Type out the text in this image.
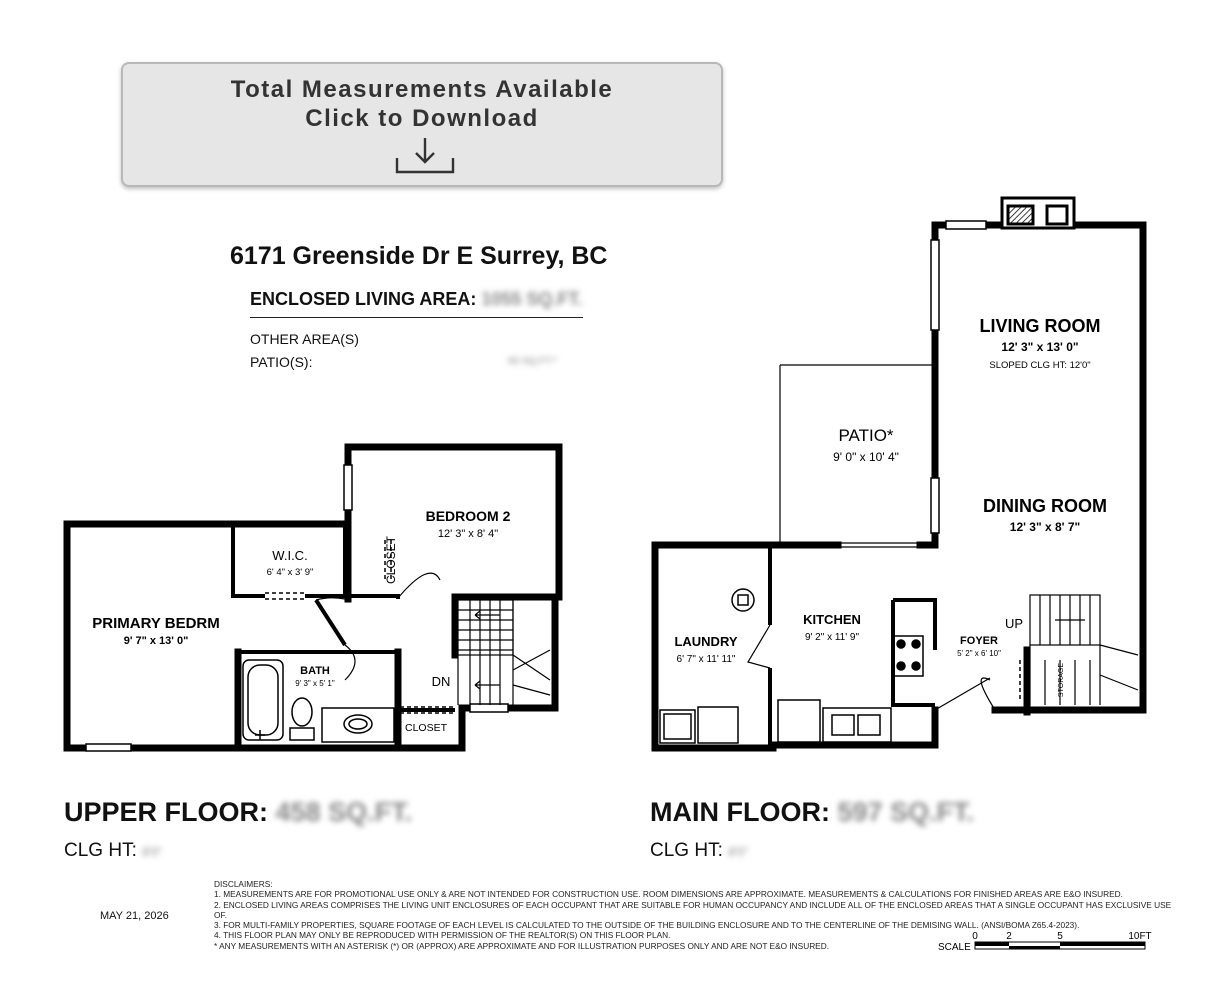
Total Measurements Available
Click to Download
6171 Greenside Dr E Surrey, BC
ENCLOSED LIVING AREA: 1055 SQ.FT.
OTHER AREA(S)
PATIO(S):	93 SQ.FT.*
PRIMARY BEDRM
9' 7" x 13' 0"
W.I.C.
6' 4" x 3' 9"	CLOSET
BEDROOM 2
12' 3" x 8' 4"
BATH
9' 3" x 5' 1"
CLOSET
DN
LIVING ROOM
12' 3" x 13' 0"
SLOPED CLG HT: 12'0"
PATIO*
9' 0" x 10' 4"
DINING ROOM
12' 3" x 8' 7"
LAUNDRY
6' 7" x 11' 11"
KITCHEN
9' 2" x 11' 9"	FOYER
5' 2" x 6' 10"
STORAGE
UP
SCALE
0	2	5	10FT
UPPER FLOOR: 458 SQ.FT.
CLG HT: 8'0"
MAIN FLOOR: 597 SQ.FT.
CLG HT: 8'0"
MAY 21, 2026
DISCLAIMERS:
1. MEASUREMENTS ARE FOR PROMOTIONAL USE ONLY & ARE NOT INTENDED FOR CONSTRUCTION USE. ROOM DIMENSIONS ARE APPROXIMATE. MEASUREMENTS & CALCULATIONS FOR FINISHED AREAS ARE E&O INSURED.
2. ENCLOSED LIVING AREAS COMPRISES THE LIVING UNIT ENCLOSURES OF EACH OCCUPANT THAT ARE SUITABLE FOR HUMAN OCCUPANCY AND INCLUDE ALL OF THE ENCLOSED AREAS THAT A SINGLE OCCUPANT HAS EXCLUSIVE USE OF.
3. FOR MULTI-FAMILY PROPERTIES, SQUARE FOOTAGE OF EACH LEVEL IS CALCULATED TO THE OUTSIDE OF THE BUILDING ENCLOSURE AND TO THE CENTERLINE OF THE DEMISING WALL. (ANSI/BOMA Z65.4-2023).
4. THIS FLOOR PLAN MAY ONLY BE REPRODUCED WITH PERMISSION OF THE REALTOR(S) ON THIS FLOOR PLAN.
* ANY MEASUREMENTS WITH AN ASTERISK (*) OR (APPROX) ARE APPROXIMATE AND FOR ILLUSTRATION PURPOSES ONLY AND ARE NOT E&O INSURED.
